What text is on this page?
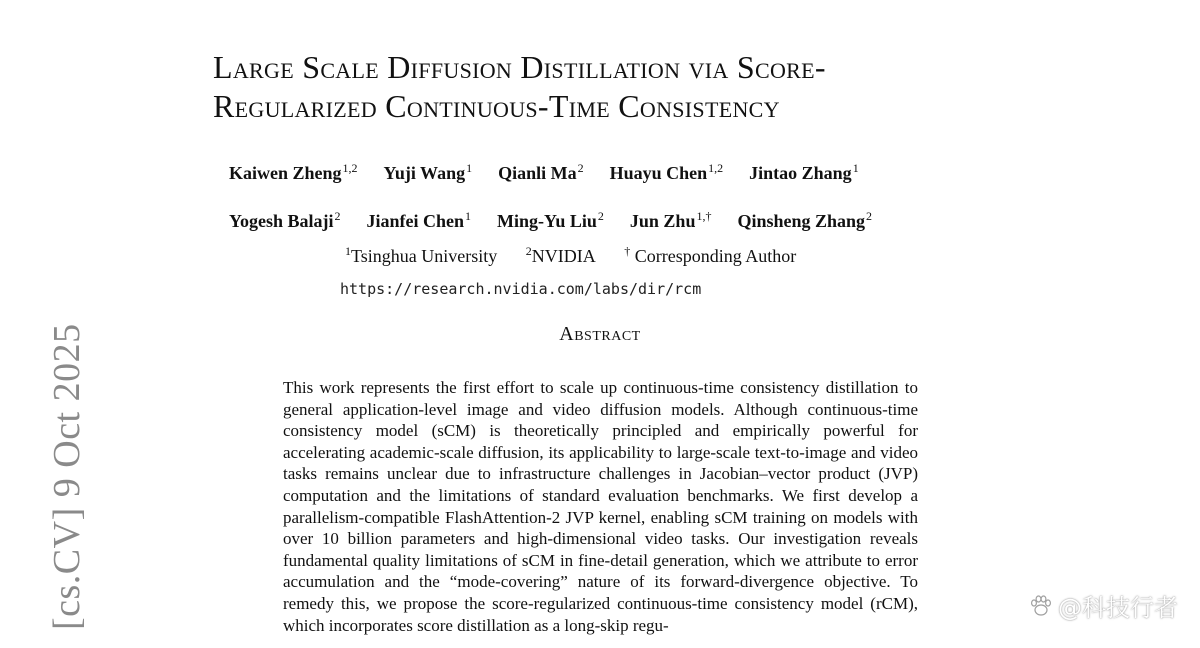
Large Scale Diffusion Distillation via Score-
Regularized Continuous-Time Consistency
Kaiwen Zheng$^{1,2}$ Yuji Wang$^1$ Qianli Ma$^2$ Huayu Chen$^{1,2}$ Jintao Zhang$^1$
Yogesh Balaji$^2$ Jianfei Chen$^1$ Ming-Yu Liu$^2$ Jun Zhu$^{1,\dagger}$ Qinsheng Zhang$^2$
$^1$Tsinghua University $^2$NVIDIA † Corresponding Author
https://research.nvidia.com/labs/dir/rcm
Abstract
This work represents the first effort to scale up continuous-time consistency distillation to general application-level image and video diffusion models. Although continuous-time consistency model (sCM) is theoretically principled and empirically powerful for accelerating academic-scale diffusion, its applicability to large-scale text-to-image and video tasks remains unclear due to infrastructure challenges in Jacobian–vector product (JVP) computation and the limitations of standard evaluation benchmarks. We first develop a parallelism-compatible FlashAttention-2 JVP kernel, enabling sCM training on models with over 10 billion parameters and high-dimensional video tasks. Our investigation reveals fundamental quality limitations of sCM in fine-detail generation, which we attribute to error accumulation and the “mode-covering” nature of its forward-divergence objective. To remedy this, we propose the score-regularized continuous-time consistency model (rCM), which incorporates score distillation as a long-skip regu-
[cs.CV] 9 Oct 2025	@科技行者
